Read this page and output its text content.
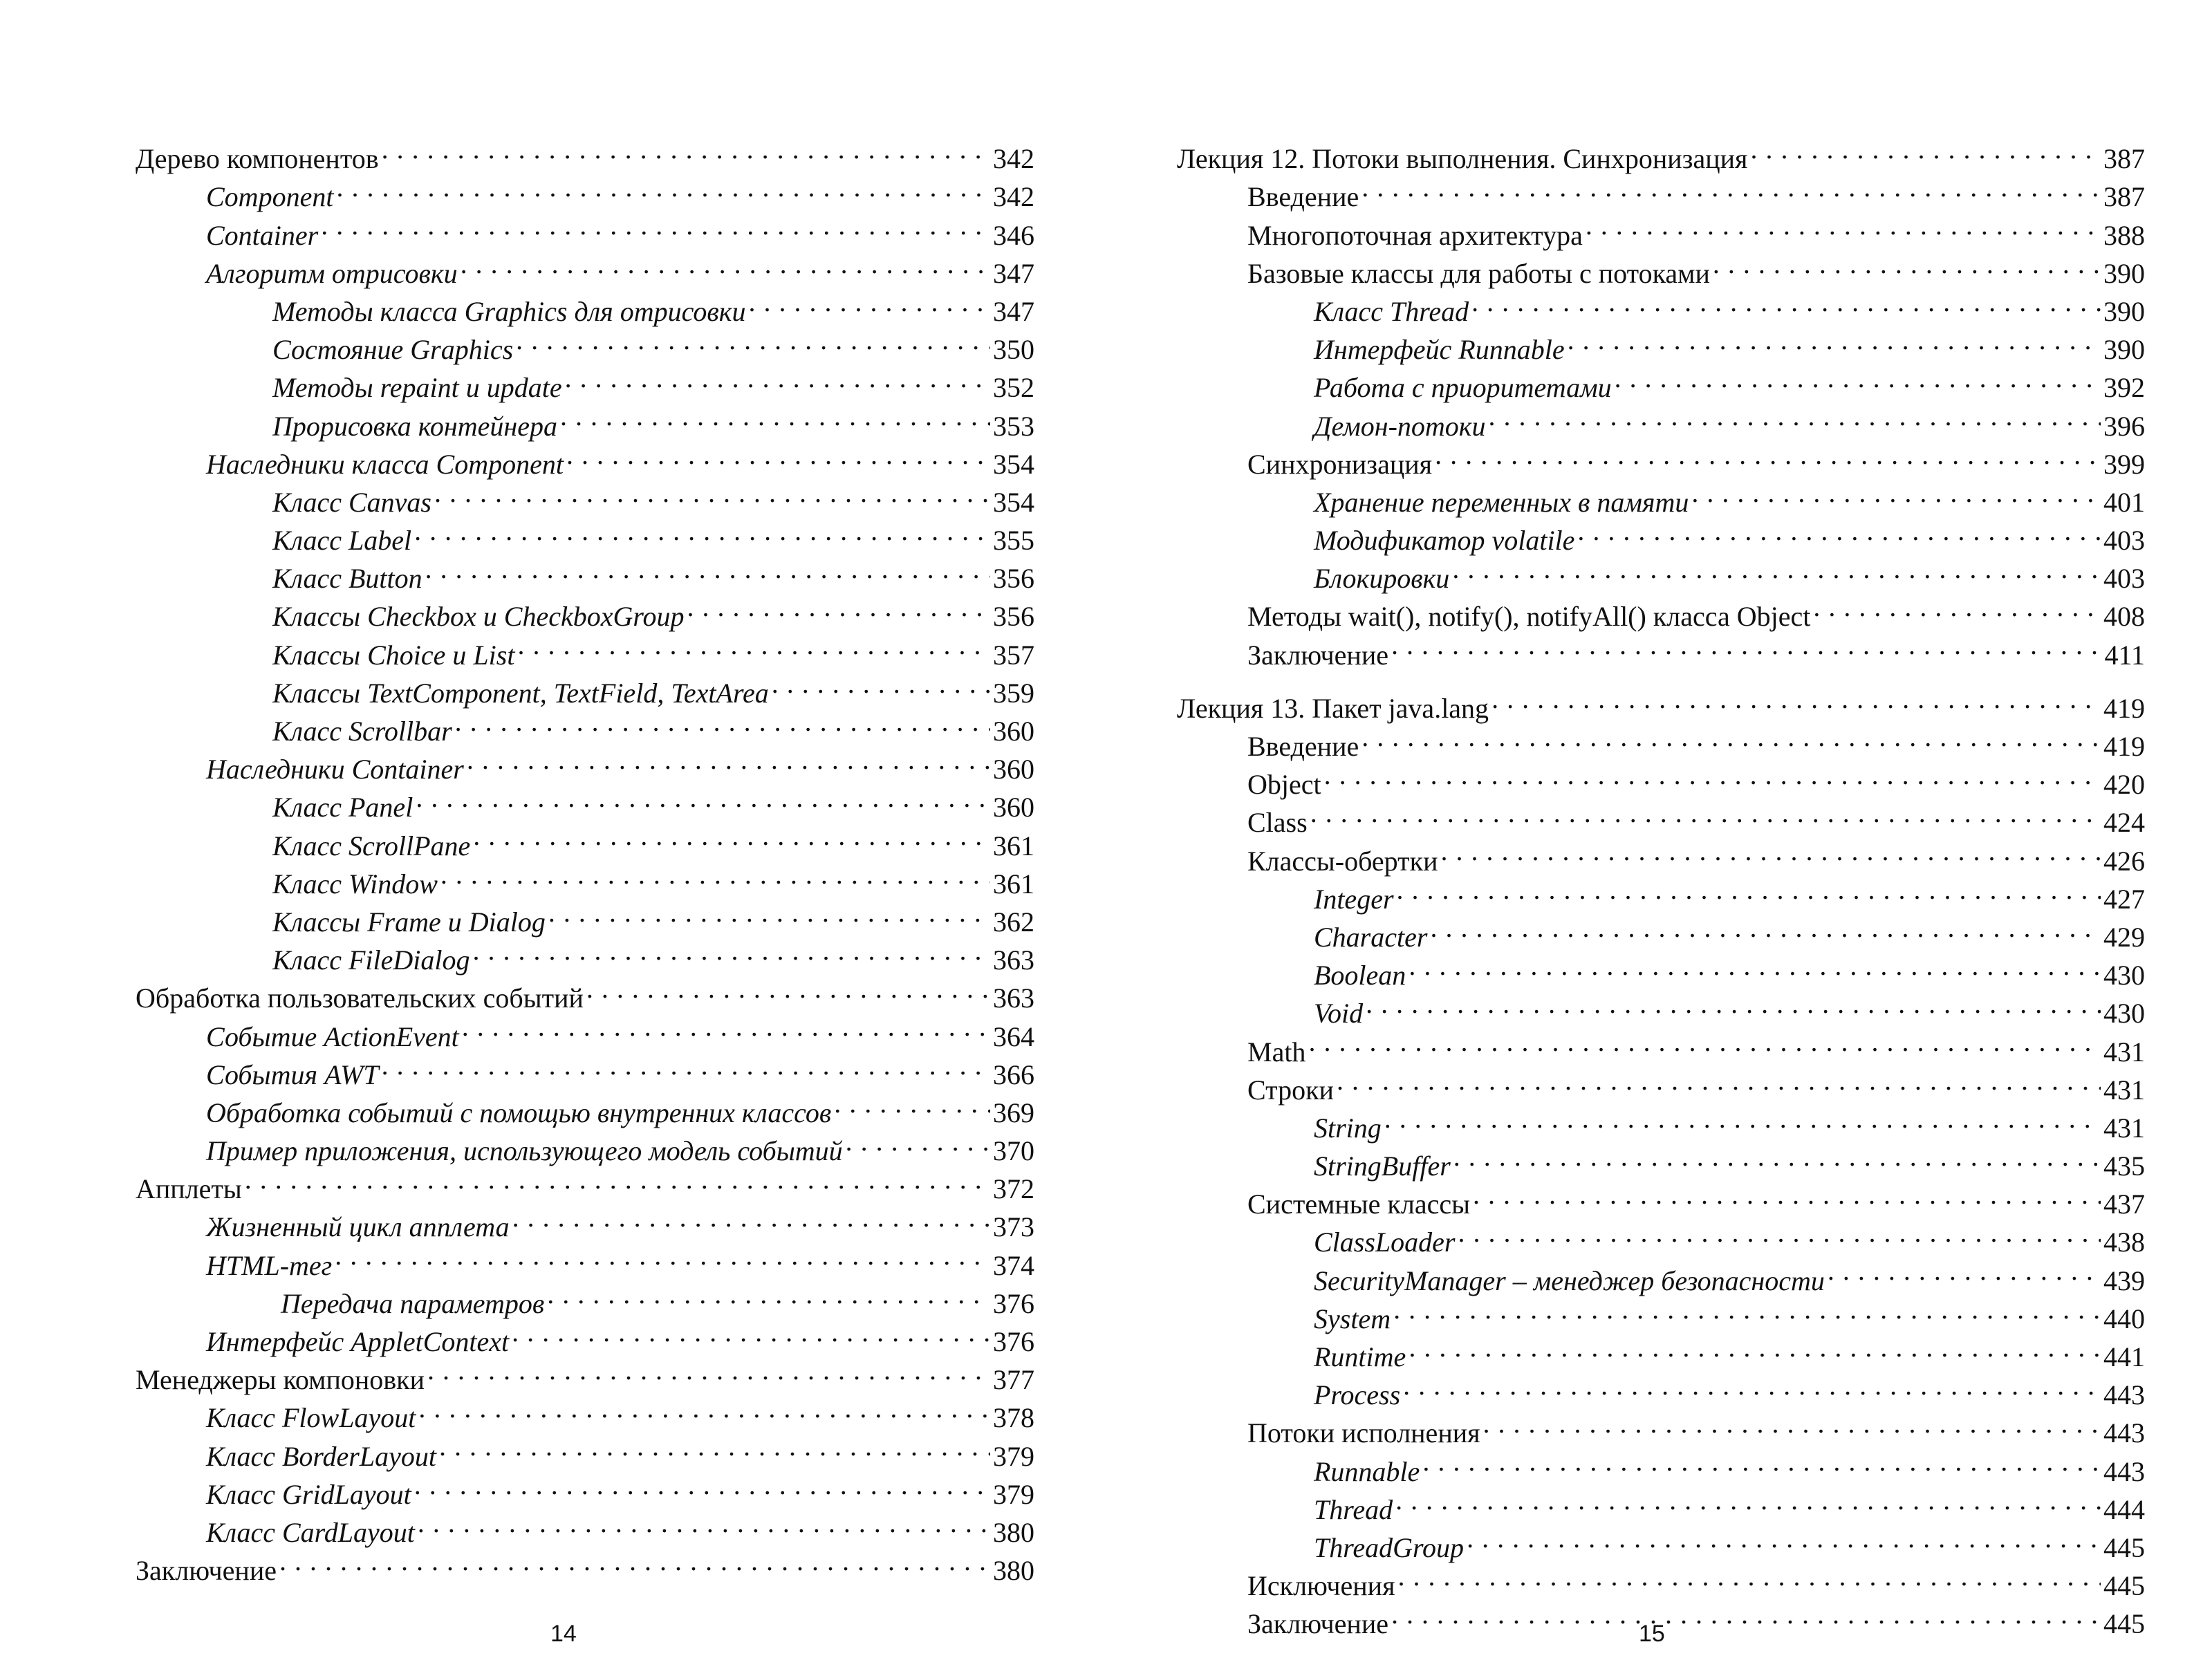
Дерево компонентов . . .	342
Component . . .	342
Container . . .	346
Алгоритм отрисовки . . .	347
Методы класса Graphics для отрисовки . . .	347
Состояние Graphics . . .	350
Методы repaint и update . . .	352
Прорисовка контейнера . . .	353
Наследники класса Component . . .	354
Класс Canvas . . .	354
Класс Label . . .	355
Класс Button . . .	356
Классы Checkbox и CheckboxGroup . . .	356
Классы Choice и List . . .	357
Классы TextComponent, TextField, TextArea . . .	359
Класс Scrollbar . . .	360
Наследники Container . . .	360
Класс Panel . . .	360
Класс ScrollPane . . .	361
Класс Window . . .	361
Классы Frame и Dialog . . .	362
Класс FileDialog . . .	363
Обработка пользовательских событий . . .	363
Событие ActionEvent . . .	364
События AWT . . .	366
Обработка событий с помощью внутренних классов . . .	369
Пример приложения, использующего модель событий . . .	370
Апплеты . . .	372
Жизненный цикл апплета . . .	373
HTML-тег . . .	374
Передача параметров . . .	376
Интерфейс AppletContext . . .	376
Менеджеры компоновки . . .	377
Класс FlowLayout . . .	378
Класс BorderLayout . . .	379
Класс GridLayout . . .	379
Класс CardLayout . . .	380
Заключение . . .	380
14
Лекция 12. Потоки выполнения. Синхронизация . . .	387
Введение . . .	387
Многопоточная архитектура . . .	388
Базовые классы для работы с потоками . . .	390
Класс Thread . . .	390
Интерфейс Runnable . . .	390
Работа с приоритетами . . .	392
Демон-потоки . . .	396
Синхронизация . . .	399
Хранение переменных в памяти . . .	401
Модификатор volatile . . .	403
Блокировки . . .	403
Методы wait(), notify(), notifyAll() класса Object . . .	408
Заключение . . .	411
Лекция 13. Пакет java.lang . . .	419
Введение . . .	419
Object . . .	420
Class . . .	424
Классы-обертки . . .	426
Integer . . .	427
Character . . .	429
Boolean . . .	430
Void . . .	430
Math . . .	431
Строки . . .	431
String . . .	431
StringBuffer . . .	435
Системные классы . . .	437
ClassLoader . . .	438
SecurityManager – менеджер безопасности . . .	439
System . . .	440
Runtime . . .	441
Process . . .	443
Потоки исполнения . . .	443
Runnable . . .	443
Thread . . .	444
ThreadGroup . . .	445
Исключения . . .	445
Заключение . . .	445
15
